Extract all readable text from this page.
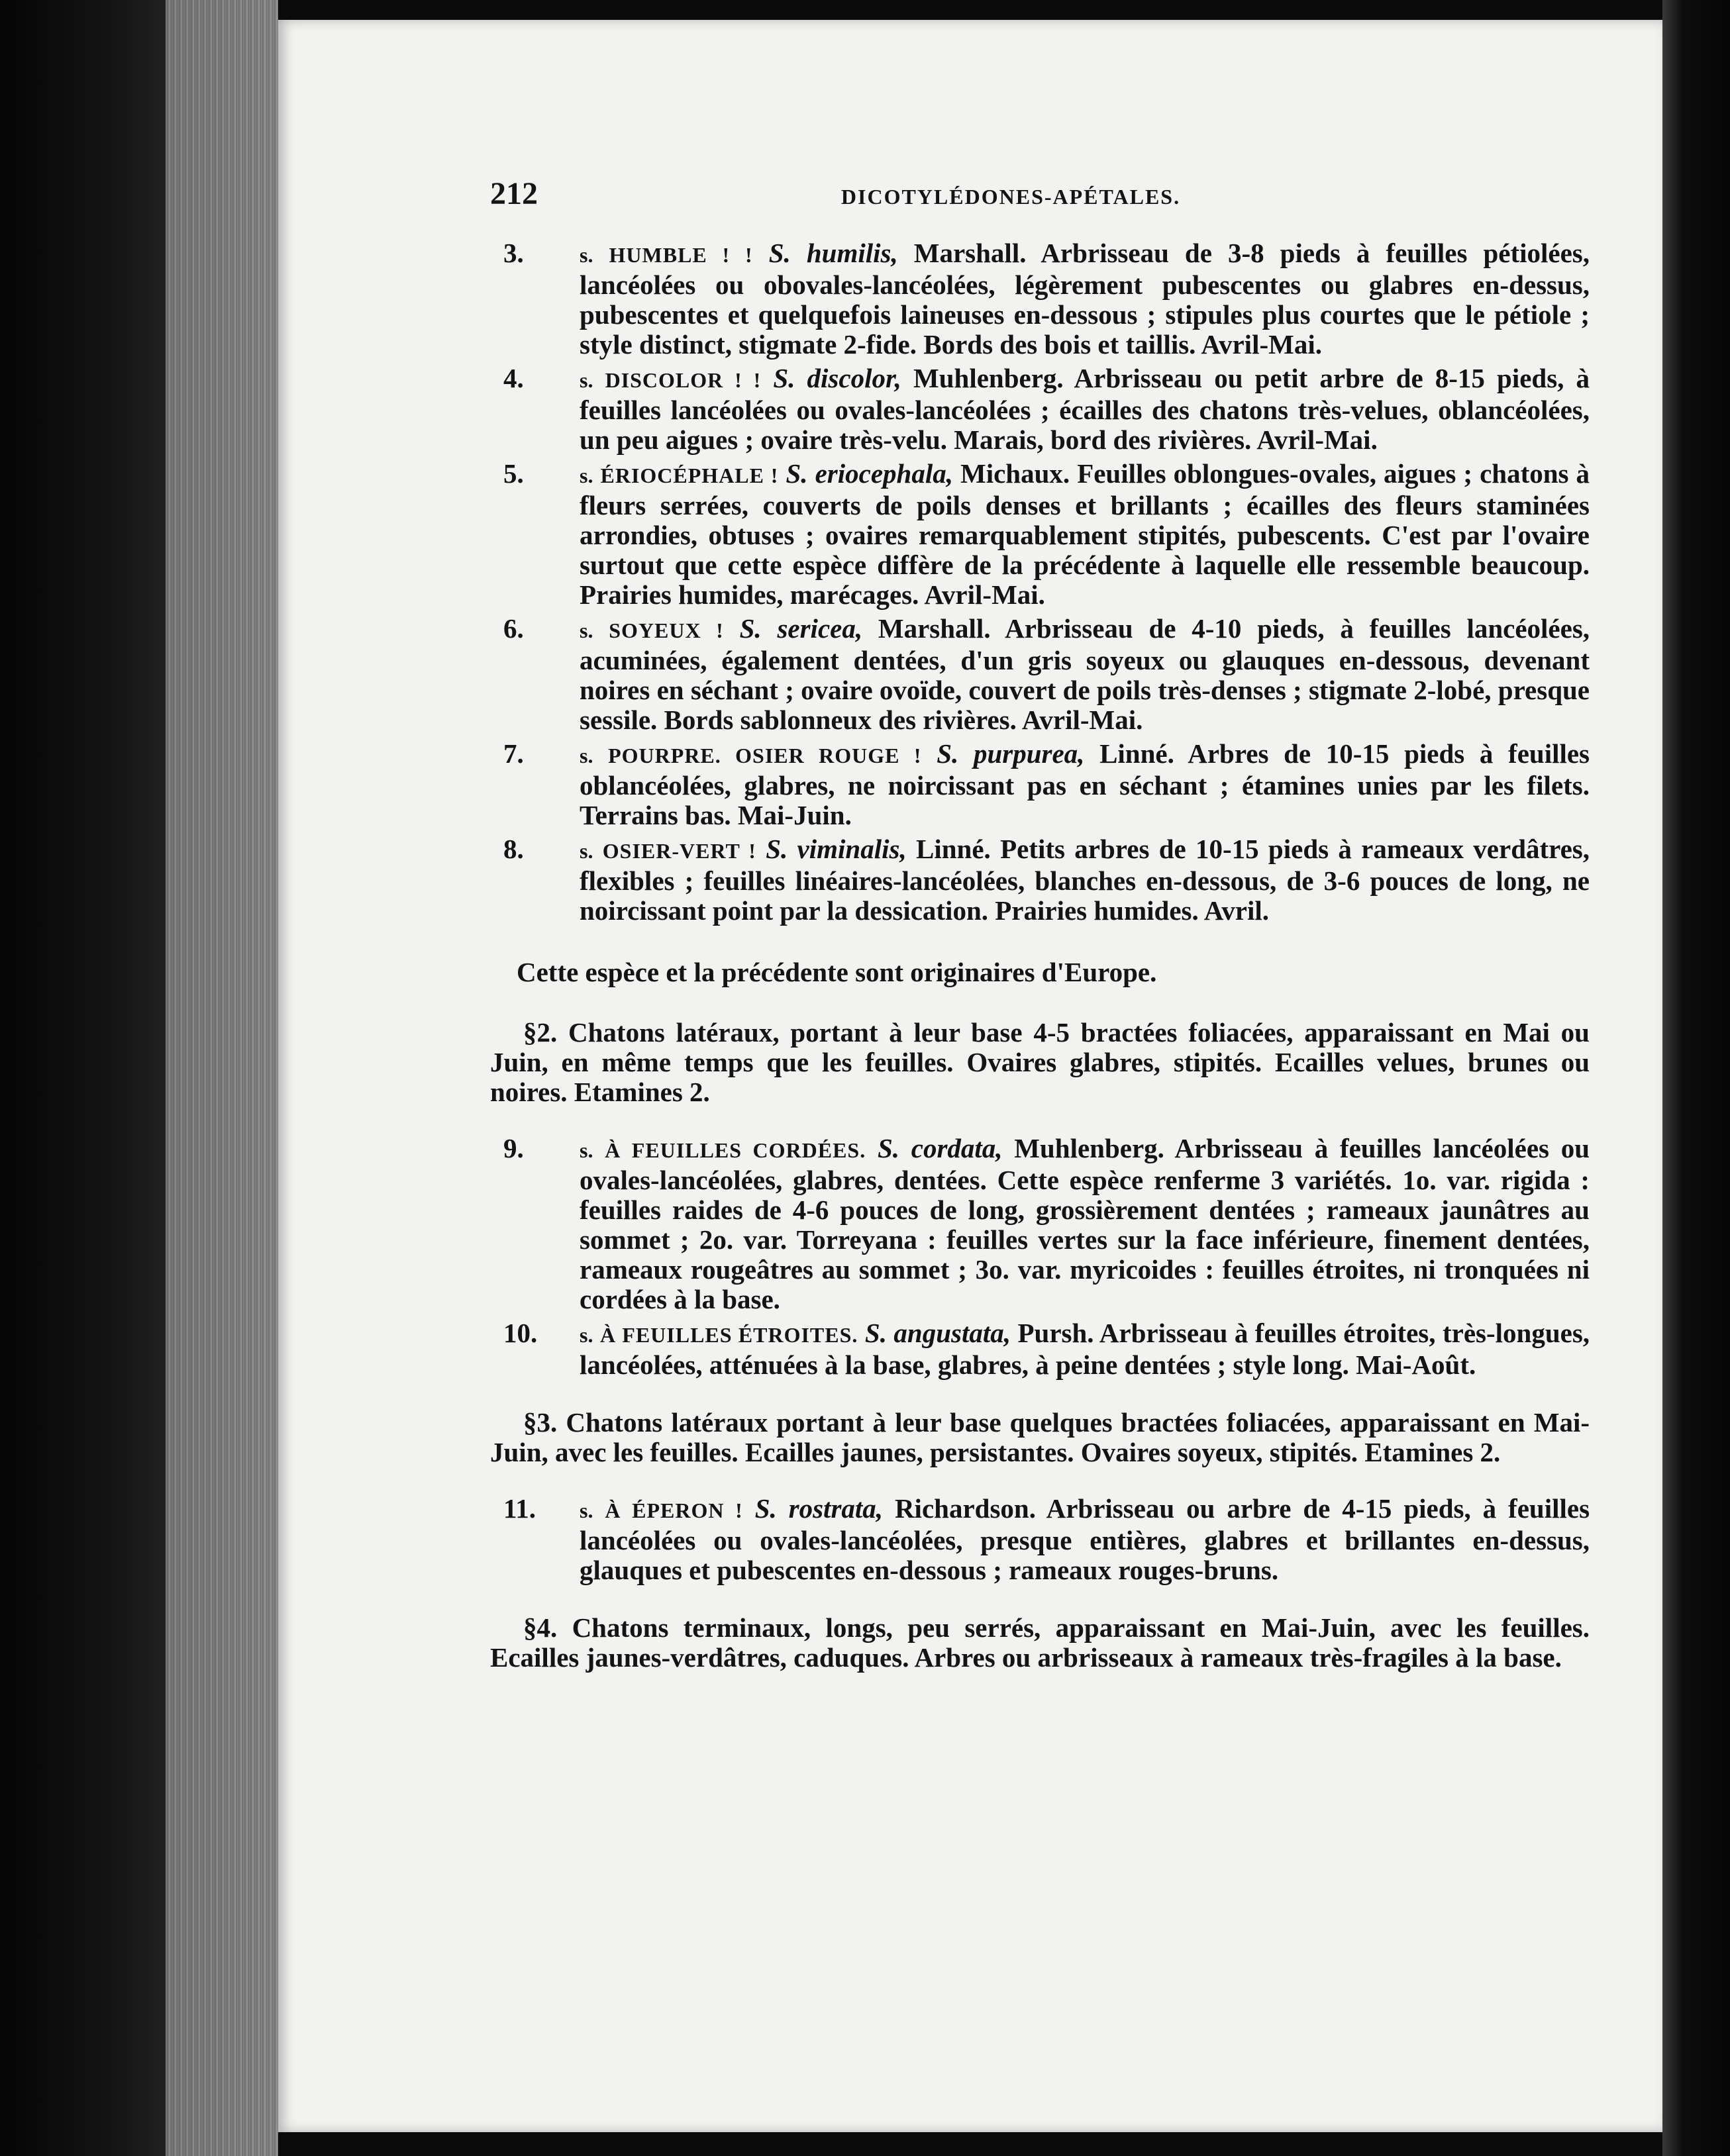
212	DICOTYLÉDONES-APÉTALES.
3.	s. HUMBLE ! ! S. humilis, Marshall. Arbrisseau de 3-8 pieds à feuilles pétiolées, lancéolées ou obovales-lancéolées, légèrement pubescentes ou glabres en-dessus, pubescentes et quelquefois laineuses en-dessous ; stipules plus courtes que le pétiole ; style distinct, stigmate 2-fide. Bords des bois et taillis. Avril-Mai.
4.	s. DISCOLOR ! ! S. discolor, Muhlenberg. Arbrisseau ou petit arbre de 8-15 pieds, à feuilles lancéolées ou ovales-lancéolées ; écailles des chatons très-velues, oblancéolées, un peu aigues ; ovaire très-velu. Marais, bord des rivières. Avril-Mai.
5.	s. ÉRIOCÉPHALE ! S. eriocephala, Michaux. Feuilles oblongues-ovales, aigues ; chatons à fleurs serrées, couverts de poils denses et brillants ; écailles des fleurs staminées arrondies, obtuses ; ovaires remarquablement stipités, pubescents. C'est par l'ovaire surtout que cette espèce diffère de la précédente à laquelle elle ressemble beaucoup. Prairies humides, marécages. Avril-Mai.
6.	s. SOYEUX ! S. sericea, Marshall. Arbrisseau de 4-10 pieds, à feuilles lancéolées, acuminées, également dentées, d'un gris soyeux ou glauques en-dessous, devenant noires en séchant ; ovaire ovoïde, couvert de poils très-denses ; stigmate 2-lobé, presque sessile. Bords sablonneux des rivières. Avril-Mai.
7.	s. POURPRE. OSIER ROUGE ! S. purpurea, Linné. Arbres de 10-15 pieds à feuilles oblancéolées, glabres, ne noircissant pas en séchant ; étamines unies par les filets. Terrains bas. Mai-Juin.
8.	s. OSIER-VERT ! S. viminalis, Linné. Petits arbres de 10-15 pieds à rameaux verdâtres, flexibles ; feuilles linéaires-lancéolées, blanches en-dessous, de 3-6 pouces de long, ne noircissant point par la dessication. Prairies humides. Avril.
Cette espèce et la précédente sont originaires d'Europe.
§2. Chatons latéraux, portant à leur base 4-5 bractées foliacées, apparaissant en Mai ou Juin, en même temps que les feuilles. Ovaires glabres, stipités. Ecailles velues, brunes ou noires. Etamines 2.
9.	s. À FEUILLES CORDÉES. S. cordata, Muhlenberg. Arbrisseau à feuilles lancéolées ou ovales-lancéolées, glabres, dentées. Cette espèce renferme 3 variétés. 1o. var. rigida : feuilles raides de 4-6 pouces de long, grossièrement dentées ; rameaux jaunâtres au sommet ; 2o. var. Torreyana : feuilles vertes sur la face inférieure, finement dentées, rameaux rougeâtres au sommet ; 3o. var. myricoides : feuilles étroites, ni tronquées ni cordées à la base.
10. s. À FEUILLES ÉTROITES. S. angustata, Pursh. Arbrisseau à feuilles étroites, très-longues, lancéolées, atténuées à la base, glabres, à peine dentées ; style long. Mai-Août.
§3. Chatons latéraux portant à leur base quelques bractées foliacées, apparaissant en Mai-Juin, avec les feuilles. Ecailles jaunes, persistantes. Ovaires soyeux, stipités. Etamines 2.
11. s. À ÉPERON ! S. rostrata, Richardson. Arbrisseau ou arbre de 4-15 pieds, à feuilles lancéolées ou ovales-lancéolées, presque entières, glabres et brillantes en-dessus, glauques et pubescentes en-dessous ; rameaux rouges-bruns.
§4. Chatons terminaux, longs, peu serrés, apparaissant en Mai-Juin, avec les feuilles. Ecailles jaunes-verdâtres, caduques. Arbres ou arbrisseaux à rameaux très-fragiles à la base.
